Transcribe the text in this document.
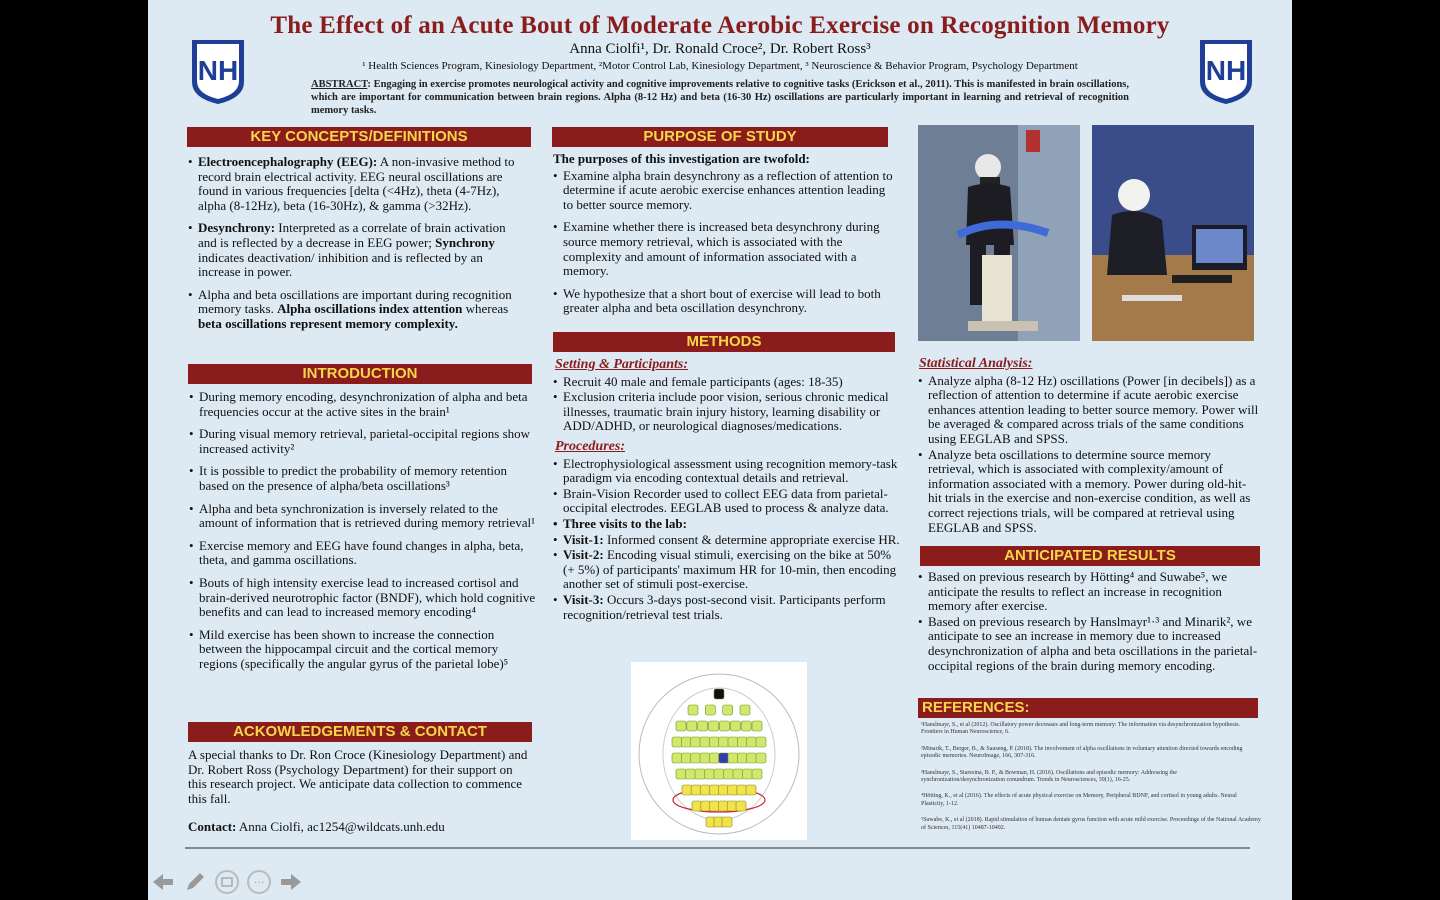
NH	NH
The Effect of an Acute Bout of Moderate Aerobic Exercise on Recognition Memory
Anna Ciolfi¹, Dr. Ronald Croce², Dr. Robert Ross³
¹ Health Sciences Program, Kinesiology Department, ²Motor Control Lab, Kinesiology Department, ³ Neuroscience & Behavior Program, Psychology Department
ABSTRACT: Engaging in exercise promotes neurological activity and cognitive improvements relative to cognitive tasks (Erickson et al., 2011). This is manifested in brain oscillations, which are important for communication between brain regions. Alpha (8-12 Hz) and beta (16-30 Hz) oscillations are particularly important in learning and retrieval of recognition memory tasks.
KEY CONCEPTS/DEFINITIONS
• Electroencephalography (EEG): A non-invasive method to record brain electrical activity. EEG neural oscillations are found in various frequencies [delta (<4Hz), theta (4-7Hz), alpha (8-12Hz), beta (16-30Hz), & gamma (>32Hz).
• Desynchrony: Interpreted as a correlate of brain activation and is reflected by a decrease in EEG power; Synchrony indicates deactivation/ inhibition and is reflected by an increase in power.
• Alpha and beta oscillations are important during recognition memory tasks. Alpha oscillations index attention whereas beta oscillations represent memory complexity.
INTRODUCTION
• During memory encoding, desynchronization of alpha and beta frequencies occur at the active sites in the brain¹
• During visual memory retrieval, parietal-occipital regions show increased activity²
• It is possible to predict the probability of memory retention based on the presence of alpha/beta oscillations³
• Alpha and beta synchronization is inversely related to the amount of information that is retrieved during memory retrieval¹
• Exercise memory and EEG have found changes in alpha, beta, theta, and gamma oscillations.
• Bouts of high intensity exercise lead to increased cortisol and brain-derived neurotrophic factor (BNDF), which hold cognitive benefits and can lead to increased memory encoding⁴
• Mild exercise has been shown to increase the connection between the hippocampal circuit and the cortical memory regions (specifically the angular gyrus of the parietal lobe)⁵
ACKOWLEDGEMENTS & CONTACT
A special thanks to Dr. Ron Croce (Kinesiology Department) and Dr. Robert Ross (Psychology Department) for their support on this research project. We anticipate data collection to commence this fall.
Contact: Anna Ciolfi, ac1254@wildcats.unh.edu
PURPOSE OF STUDY
The purposes of this investigation are twofold:
• Examine alpha brain desynchrony as a reflection of attention to determine if acute aerobic exercise enhances attention leading to better source memory.
• Examine whether there is increased beta desynchrony during source memory retrieval, which is associated with the complexity and amount of information associated with a memory.
• We hypothesize that a short bout of exercise will lead to both greater alpha and beta oscillation desynchrony.
METHODS
Setting & Participants:
• Recruit 40 male and female participants (ages: 18-35)
• Exclusion criteria include poor vision, serious chronic medical illnesses, traumatic brain injury history, learning disability or ADD/ADHD, or neurological diagnoses/medications.
Procedures:
• Electrophysiological assessment using recognition memory-task paradigm via encoding contextual details and retrieval.
• Brain-Vision Recorder used to collect EEG data from parietal-occipital electrodes. EEGLAB used to process & analyze data.
• Three visits to the lab:
• Visit-1: Informed consent & determine appropriate exercise HR.
• Visit-2: Encoding visual stimuli, exercising on the bike at 50% (+ 5%) of participants' maximum HR for 10-min, then encoding another set of stimuli post-exercise.
• Visit-3: Occurs 3-days post-second visit. Participants perform recognition/retrieval test trials.
Statistical Analysis:
• Analyze alpha (8-12 Hz) oscillations (Power [in decibels]) as a reflection of attention to determine if acute aerobic exercise enhances attention leading to better source memory. Power will be averaged & compared across trials of the same conditions using EEGLAB and SPSS.
• Analyze beta oscillations to determine source memory retrieval, which is associated with complexity/amount of information associated with a memory. Power during old-hit-hit trials in the exercise and non-exercise condition, as well as correct rejections trials, will be compared at retrieval using EEGLAB and SPSS.
ANTICIPATED RESULTS
• Based on previous research by Hötting⁴ and Suwabe⁵, we anticipate the results to reflect an increase in recognition memory after exercise.
• Based on previous research by Hanslmayr¹·³ and Minarik², we anticipate to see an increase in memory due to increased desynchronization of alpha and beta oscillations in the parietal-occipital regions of the brain during memory encoding.
REFERENCES:
¹Hanslmayr, S., et al (2012). Oscillatory power decreases and long-term memory: The information via desynchronization hypothesis. Frontiers in Human Neuroscience, 6.
²Minarik, T., Berger, B., & Sauseng, P. (2018). The involvement of alpha oscillations in voluntary attention directed towards encoding episodic memories. NeuroImage, 166, 307-316.
³Hanslmayr, S., Staresina, B. P., & Bowman, H. (2016). Oscillations and episodic memory: Addressing the synchronization/desynchronization conundrum. Trends in Neurosciences, 39(1), 16-25.
⁴Hötting, K., et al (2016). The effects of acute physical exercise on Memory, Peripheral BDNF, and cortisol in young adults. Neural Plasticity, 1-12.
⁵Suwabe, K., et al (2018). Rapid stimulation of human dentate gyrus function with acute mild exercise. Proceedings of the National Academy of Sciences, 115(41) 10487-10492.
···
